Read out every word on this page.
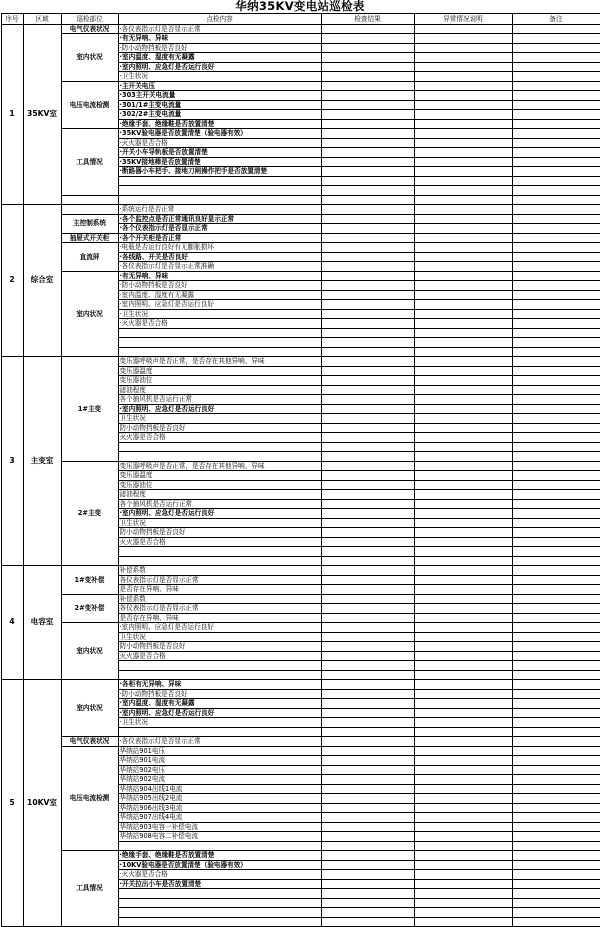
华纳35KV变电站巡检表
序号	区域	巡检部位	点检内容	检查结果	异常情况说明	备注
1	35KV室	电气仪表状况	·各仪表指示灯是否显示正常			
		室内状况	·有无异响、异味			
			·防小动物挡板是否良好			
			·室内温度、湿度有无凝露			
			·室内照明、应急灯是否运行良好			
			·卫生状况			
		电压电流检测	·主开关电压			
			·303主开关电流量			
			·301/1#主变电流量			
			·302/2#主变电流量			
			·绝缘手套、绝缘鞋是否放置清楚			
		工具情况	·35KV验电器是否放置清楚（验电器有效）			
			·灭火器是否合格			
			·开关小车导轨板是否放置清楚			
			·35KV接地棒是否放置清楚			
			·断路器小车把手、接地刀闸操作把手是否放置清楚			

2	综合室		·系统运行是否正常			
		主控制系统	·各个监控点是否正常通讯良好显示正常			
			·各个仪表指示灯是否显示正常			
		抽屉式开关柜	·各个开关柜是否正常			
		直流屏	·电瓶是否运行良好有无膨胀损坏			
			·各线路、开关是否良好			
			·各仪表指示灯是否显示正常准确			
		室内状况	·有无异响、异味			
			·防小动物挡板是否良好			
			·室内温度、湿度有无凝露			
			·室内照明、应急灯是否运行良好			
			·卫生状况			
			·灭火器是否合格			

3	主变室	1#主变	变压器呼吸声是否正常，是否存在其他异响、异味			
			变压器温度			
			变压器油位			
			滤油程度			
			各个抽风机是否运行正常			
			·室内照明、应急灯是否运行良好			
			卫生状况			
			防小动物挡板是否良好			
			灭火器是否合格			

		2#主变	变压器呼吸声是否正常，是否存在其他异响、异味			
			变压器温度			
			变压器油位			
			滤油程度			
			各个抽风机是否运行正常			
			·室内照明、应急灯是否运行良好			
			卫生状况			
			防小动物挡板是否良好			
			灭火器是否合格			

4	电容室	1#变补偿	补偿系数			
			各仪表指示灯是否显示正常			
			是否存在异响、异味			
		2#变补偿	补偿系数			
			各仪表指示灯是否显示正常			
			是否存在异响、异味			
		室内状况	·室内照明、应急灯是否运行良好			
			卫生状况			
			防小动物挡板是否良好			
			灭火器是否合格			

5	10KV室	室内状况	·各柜有无异响、异味			
			·防小动物挡板是否良好			
			·室内温度、湿度有无凝露			
			·室内照明、应急灯是否运行良好			
			·卫生状况			

		电气仪表状况	·各仪表指示灯是否显示正常			
		电压电流检测	华纳站901电压			
			华纳站901电流			
			华纳站902电压			
			华纳站902电流			
			华纳站904出线1电流			
			华纳站905出线2电流			
			华纳站906出线3电流			
			华纳站907出线4电流			
			华纳站903电容一补偿电流			
			华纳站908电容二补偿电流			

		工具情况	·绝缘手套、绝缘鞋是否放置清楚			
			·10KV验电器是否放置清楚（验电器有效）			
			·灭火器是否合格			
			·开关拉出小车是否放置清楚			
